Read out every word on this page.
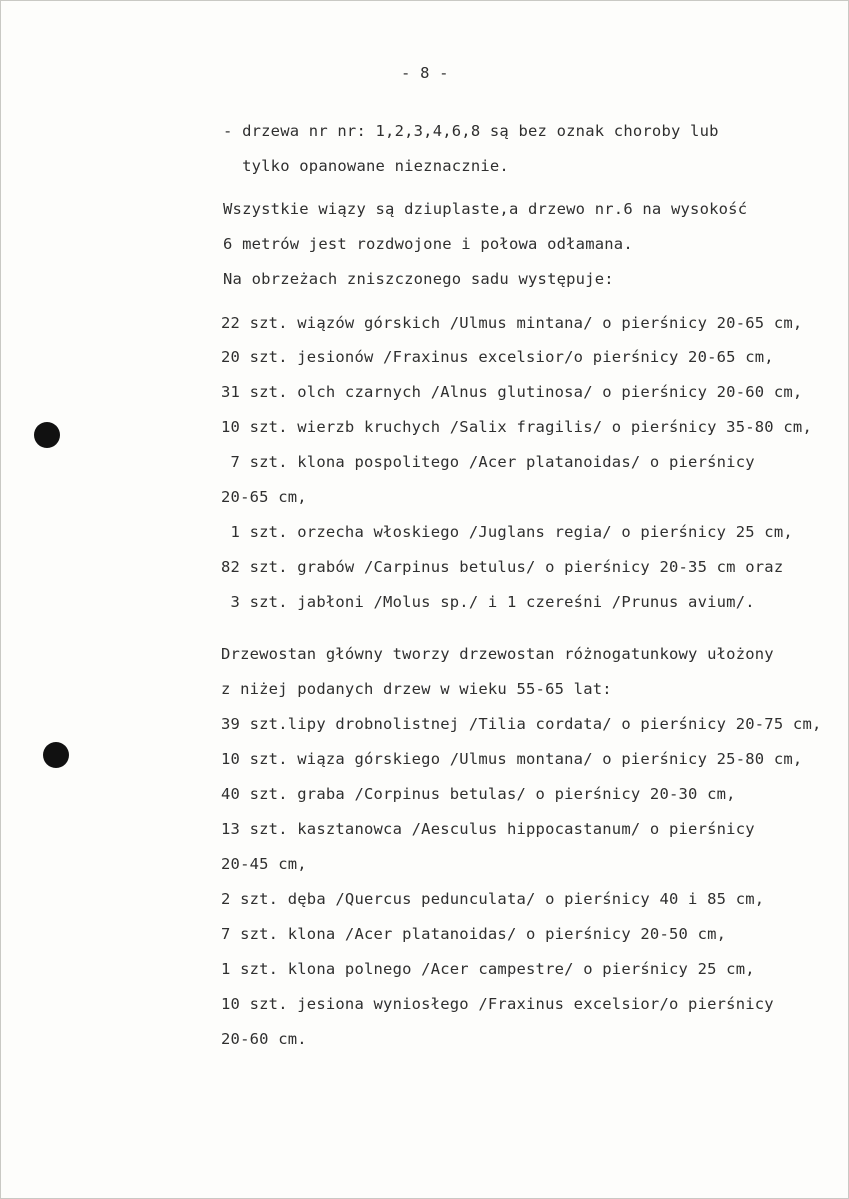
- 8 -
- drzewa nr nr: 1,2,3,4,6,8 są bez oznak choroby lub
tylko opanowane nieznacznie.
Wszystkie wiązy są dziuplaste,a drzewo nr.6 na wysokość
6 metrów jest rozdwojone i połowa odłamana.
Na obrzeżach zniszczonego sadu występuje:
22 szt. wiązów górskich /Ulmus mintana/ o pierśnicy 20-65 cm,
20 szt. jesionów /Fraxinus excelsior/o pierśnicy 20-65 cm,
31 szt. olch czarnych /Alnus glutinosa/ o pierśnicy 20-60 cm,
10 szt. wierzb kruchych /Salix fragilis/ o pierśnicy 35-80 cm,
7 szt. klona pospolitego /Acer platanoidas/ o pierśnicy
20-65 cm,
1 szt. orzecha włoskiego /Juglans regia/ o pierśnicy 25 cm,
82 szt. grabów /Carpinus betulus/ o pierśnicy 20-35 cm oraz
3 szt. jabłoni /Molus sp./ i 1 czereśni /Prunus avium/.
Drzewostan główny tworzy drzewostan różnogatunkowy ułożony
z niżej podanych drzew w wieku 55-65 lat:
39 szt.lipy drobnolistnej /Tilia cordata/ o pierśnicy 20-75 cm,
10 szt. wiąza górskiego /Ulmus montana/ o pierśnicy 25-80 cm,
40 szt. graba /Corpinus betulas/ o pierśnicy 20-30 cm,
13 szt. kasztanowca /Aesculus hippocastanum/ o pierśnicy
20-45 cm,
2 szt. dęba /Quercus pedunculata/ o pierśnicy 40 i 85 cm,
7 szt. klona /Acer platanoidas/ o pierśnicy 20-50 cm,
1 szt. klona polnego /Acer campestre/ o pierśnicy 25 cm,
10 szt. jesiona wyniosłego /Fraxinus excelsior/o pierśnicy
20-60 cm.
